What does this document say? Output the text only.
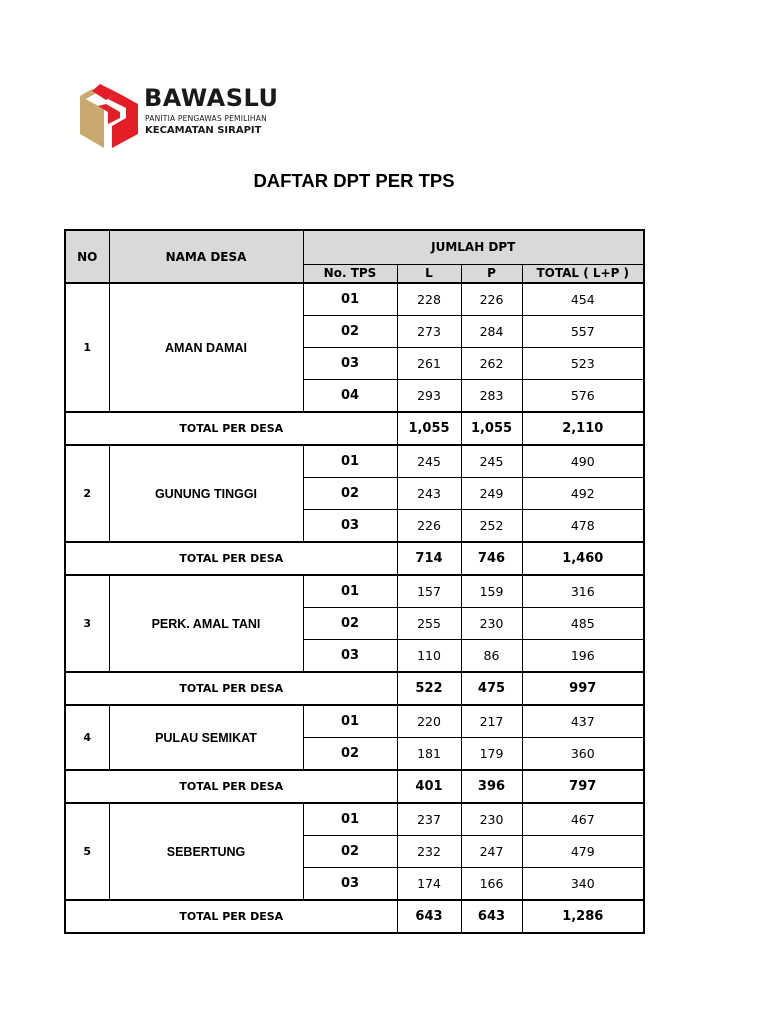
BAWASLU
PANITIA PENGAWAS PEMILIHAN
KECAMATAN SIRAPIT
DAFTAR DPT PER TPS
NO	NAMA DESA	JUMLAH DPT			
		No. TPS	L	P	TOTAL ( L+P )
1	AMAN DAMAI	01	228	226	454
		02	273	284	557
		03	261	262	523
		04	293	283	576
TOTAL PER DESA			1,055	1,055	2,110
2	GUNUNG TINGGI	01	245	245	490
		02	243	249	492
		03	226	252	478
TOTAL PER DESA			714	746	1,460
3	PERK. AMAL TANI	01	157	159	316
		02	255	230	485
		03	110	86	196
TOTAL PER DESA			522	475	997
4	PULAU SEMIKAT	01	220	217	437
		02	181	179	360
TOTAL PER DESA			401	396	797
5	SEBERTUNG	01	237	230	467
		02	232	247	479
		03	174	166	340
TOTAL PER DESA			643	643	1,286
